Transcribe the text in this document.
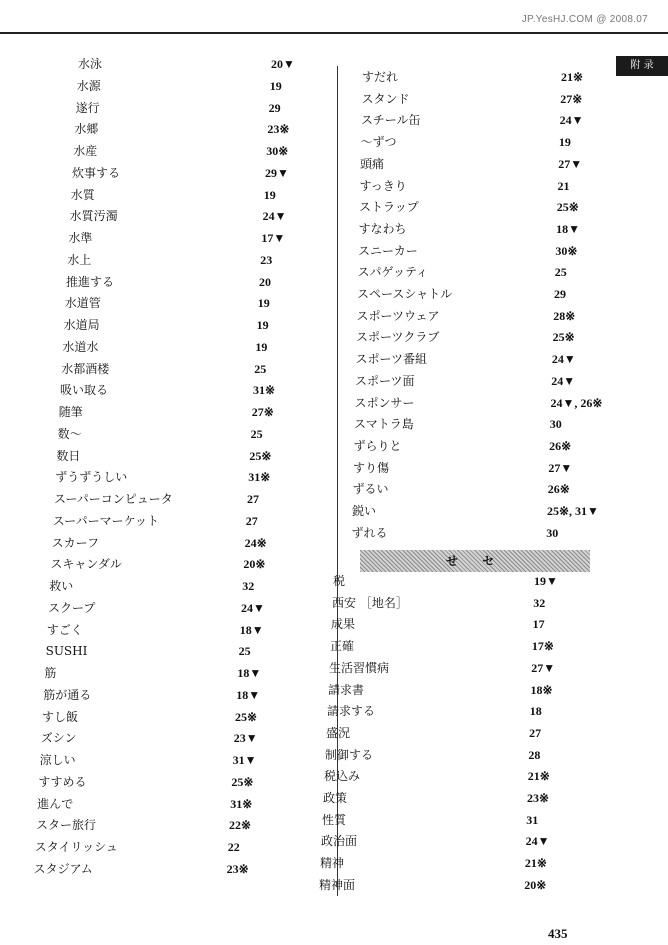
JP.YesHJ.COM @ 2008.07
附 录
水泳	20▼
水源	19
遂行	29
水郷	23※
水産	30※
炊事する	29▼
水質	19
水質汚濁	24▼
水準	17▼
水上	23
推進する	20
水道管	19
水道局	19
水道水	19
水都酒楼	25
吸い取る	31※
随筆	27※
数～	25
数日	25※
ずうずうしい	31※
スーパーコンピュータ	27
スーパーマーケット	27
スカーフ	24※
スキャンダル	20※
救い	32
スクープ	24▼
すごく	18▼
SUSHI	25
筋	18▼
筋が通る	18▼
すし飯	25※
ズシン	23▼
涼しい	31▼
すすめる	25※
進んで	31※
スター旅行	22※
スタイリッシュ	22
スタジアム	23※
すだれ	21※
スタンド	27※
スチール缶	24▼
～ずつ	19
頭痛	27▼
すっきり	21
ストラップ	25※
すなわち	18▼
スニーカー	30※
スパゲッティ	25
スペースシャトル	29
スポーツウェア	28※
スポーツクラブ	25※
スポーツ番組	24▼
スポーツ面	24▼
スポンサー	24▼, 26※
スマトラ島	30
ずらりと	26※
すり傷	27▼
ずるい	26※
鋭い	25※, 31▼
ずれる	30
せ セ
税	19▼
西安 ［地名］	32
成果	17
正確	17※
生活習慣病	27▼
請求書	18※
請求する	18
盛況	27
制御する	28
税込み	21※
政策	23※
性質	31
政治面	24▼
精神	21※
精神面	20※
435
